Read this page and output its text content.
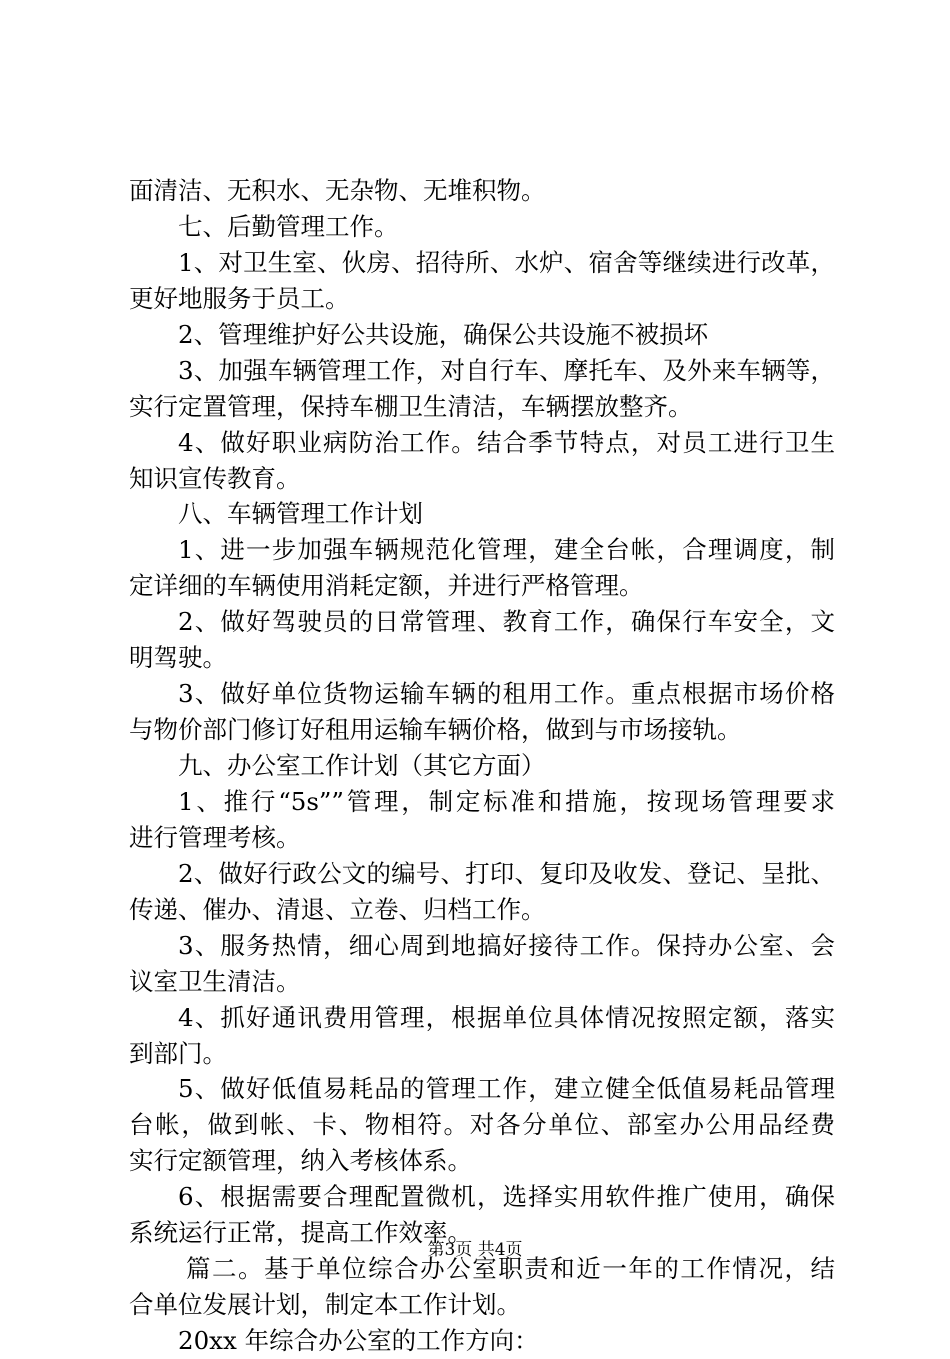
面清洁、无积水、无杂物、无堆积物。
七、后勤管理工作。
1、对卫生室、伙房、招待所、水炉、宿舍等继续进行改革，
更好地服务于员工。
2、管理维护好公共设施，确保公共设施不被损坏
3、加强车辆管理工作，对自行车、摩托车、及外来车辆等，
实行定置管理，保持车棚卫生清洁，车辆摆放整齐。
4、做好职业病防治工作。结合季节特点，对员工进行卫生
知识宣传教育。
八、车辆管理工作计划
1、进一步加强车辆规范化管理，建全台帐，合理调度，制
定详细的车辆使用消耗定额，并进行严格管理。
2、做好驾驶员的日常管理、教育工作，确保行车安全，文
明驾驶。
3、做好单位货物运输车辆的租用工作。重点根据市场价格
与物价部门修订好租用运输车辆价格，做到与市场接轨。
九、办公室工作计划（其它方面）
1、推行“5s””管理，制定标准和措施，按现场管理要求
进行管理考核。
2、做好行政公文的编号、打印、复印及收发、登记、呈批、
传递、催办、清退、立卷、归档工作。
3、服务热情，细心周到地搞好接待工作。保持办公室、会
议室卫生清洁。
4、抓好通讯费用管理，根据单位具体情况按照定额，落实
到部门。
5、做好低值易耗品的管理工作，建立健全低值易耗品管理
台帐，做到帐、卡、物相符。对各分单位、部室办公用品经费
实行定额管理，纳入考核体系。
6、根据需要合理配置微机，选择实用软件推广使用，确保
系统运行正常，提高工作效率。
篇二。基于单位综合办公室职责和近一年的工作情况，结
合单位发展计划，制定本工作计划。
20xx 年综合办公室的工作方向：
第3页 共4页
